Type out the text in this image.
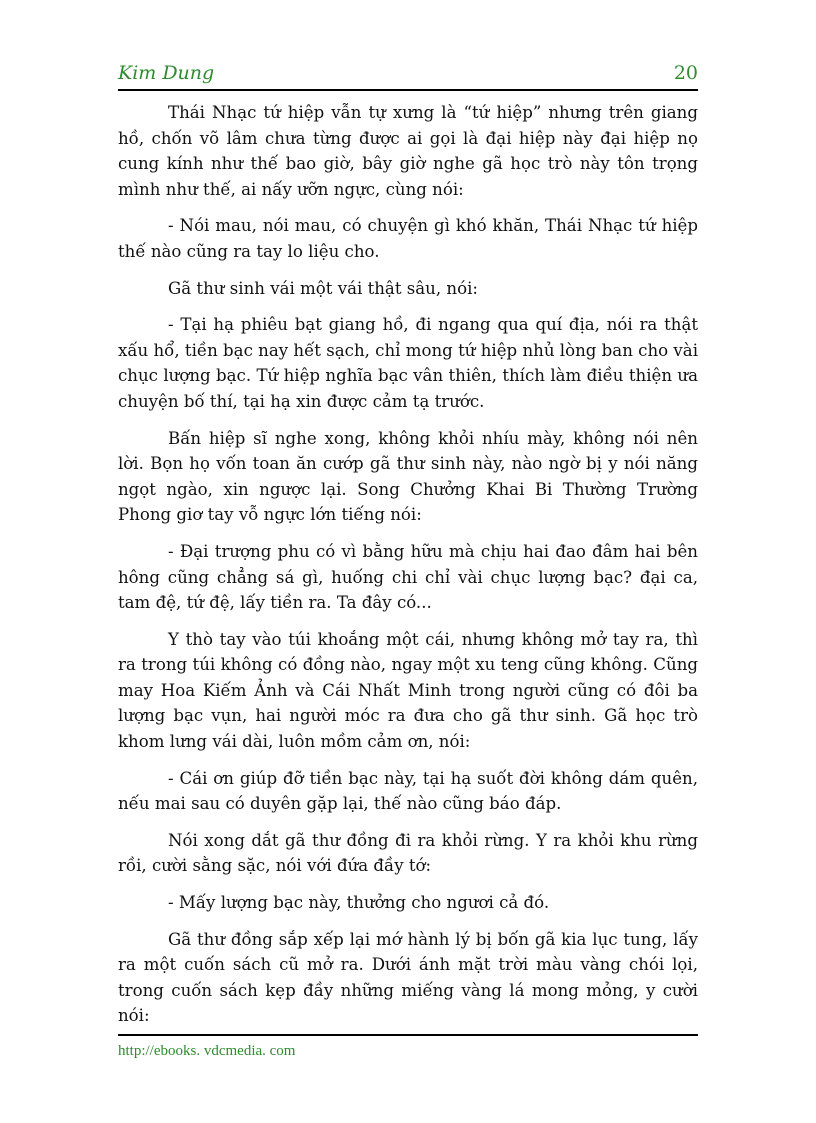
Kim Dung	20

Thái Nhạc tứ hiệp vẫn tự xưng là “tứ hiệp” nhưng trên giang hồ, chốn võ lâm chưa từng được ai gọi là đại hiệp này đại hiệp nọ cung kính như thế bao giờ, bây giờ nghe gã học trò này tôn trọng mình như thế, ai nấy ưỡn ngực, cùng nói:

- Nói mau, nói mau, có chuyện gì khó khăn, Thái Nhạc tứ hiệp thế nào cũng ra tay lo liệu cho.

Gã thư sinh vái một vái thật sâu, nói:

- Tại hạ phiêu bạt giang hồ, đi ngang qua quí địa, nói ra thật xấu hổ, tiền bạc nay hết sạch, chỉ mong tứ hiệp nhủ lòng ban cho vài chục lượng bạc. Tứ hiệp nghĩa bạc vân thiên, thích làm điều thiện ưa chuyện bố thí, tại hạ xin được cảm tạ trước.

Bấn hiệp sĩ nghe xong, không khỏi nhíu mày, không nói nên lời. Bọn họ vốn toan ăn cướp gã thư sinh này, nào ngờ bị y nói năng ngọt ngào, xin ngược lại. Song Chưởng Khai Bi Thường Trường Phong giơ tay vỗ ngực lớn tiếng nói:

- Đại trượng phu có vì bằng hữu mà chịu hai đao đâm hai bên hông cũng chẳng sá gì, huống chi chỉ vài chục lượng bạc? đại ca, tam đệ, tứ đệ, lấy tiền ra. Ta đây có...

Y thò tay vào túi khoắng một cái, nhưng không mở tay ra, thì ra trong túi không có đồng nào, ngay một xu teng cũng không. Cũng may Hoa Kiếm Ảnh và Cái Nhất Minh trong người cũng có đôi ba lượng bạc vụn, hai người móc ra đưa cho gã thư sinh. Gã học trò khom lưng vái dài, luôn mồm cảm ơn, nói:

- Cái ơn giúp đỡ tiền bạc này, tại hạ suốt đời không dám quên, nếu mai sau có duyên gặp lại, thế nào cũng báo đáp.

Nói xong dắt gã thư đồng đi ra khỏi rừng. Y ra khỏi khu rừng rồi, cười sằng sặc, nói với đứa đầy tớ:

- Mấy lượng bạc này, thưởng cho ngươi cả đó.

Gã thư đồng sắp xếp lại mớ hành lý bị bốn gã kia lục tung, lấy ra một cuốn sách cũ mở ra. Dưới ánh mặt trời màu vàng chói lọi, trong cuốn sách kẹp đầy những miếng vàng lá mong mỏng, y cười nói:

http://ebooks. vdcmedia. com
